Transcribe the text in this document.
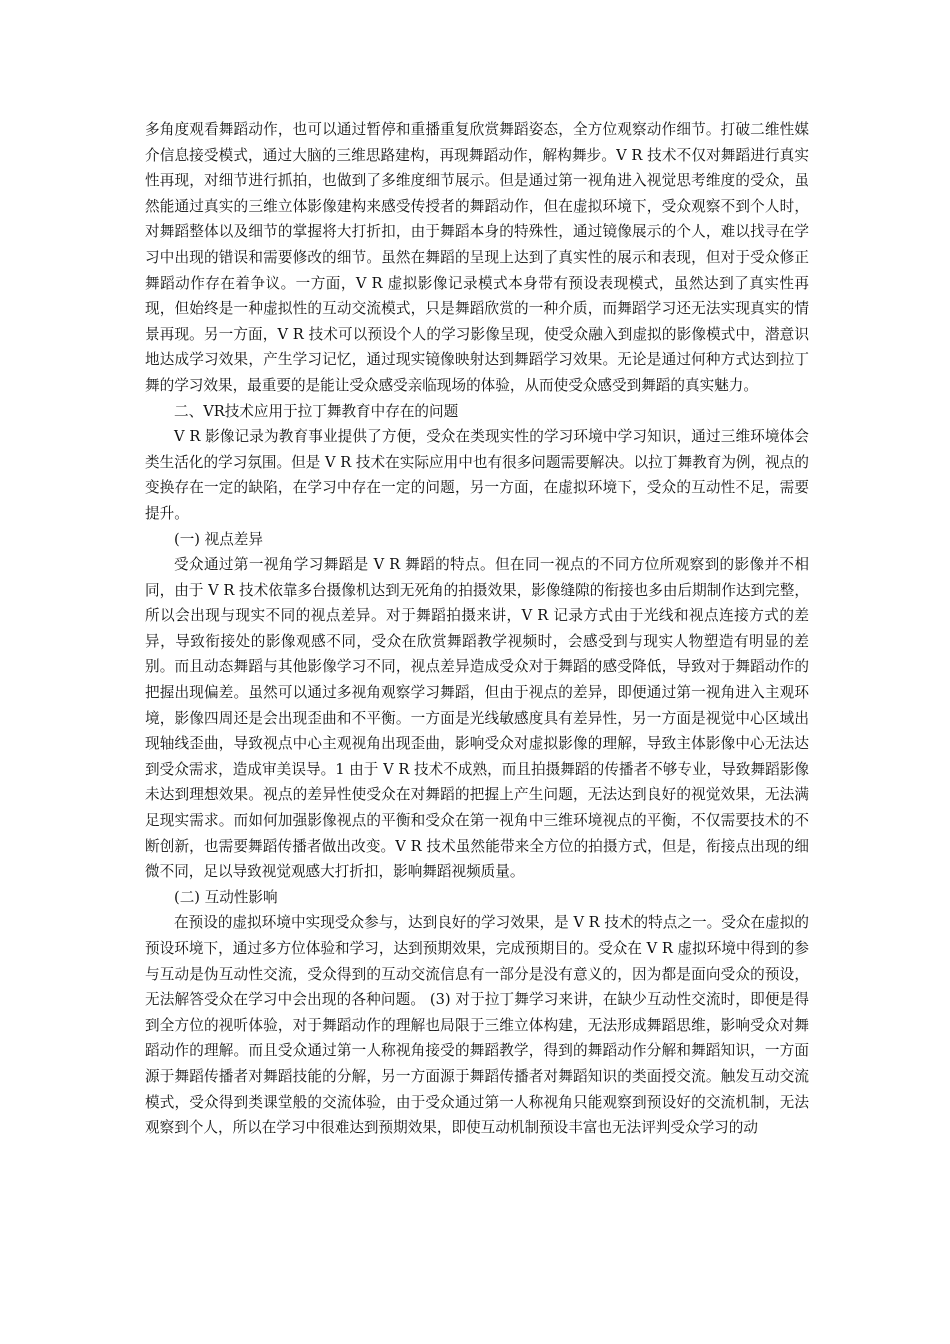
多角度观看舞蹈动作，也可以通过暂停和重播重复欣赏舞蹈姿态，全方位观察动作细节。打破二维性媒介信息接受模式，通过大脑的三维思路建构，再现舞蹈动作，解构舞步。V R 技术不仅对舞蹈进行真实性再现，对细节进行抓拍，也做到了多维度细节展示。但是通过第一视角进入视觉思考维度的受众，虽然能通过真实的三维立体影像建构来感受传授者的舞蹈动作，但在虚拟环境下，受众观察不到个人时，对舞蹈整体以及细节的掌握将大打折扣，由于舞蹈本身的特殊性，通过镜像展示的个人，难以找寻在学习中出现的错误和需要修改的细节。虽然在舞蹈的呈现上达到了真实性的展示和表现，但对于受众修正舞蹈动作存在着争议。一方面，V R 虚拟影像记录模式本身带有预设表现模式，虽然达到了真实性再现，但始终是一种虚拟性的互动交流模式，只是舞蹈欣赏的一种介质，而舞蹈学习还无法实现真实的情景再现。另一方面，V R 技术可以预设个人的学习影像呈现，使受众融入到虚拟的影像模式中，潜意识地达成学习效果，产生学习记忆，通过现实镜像映射达到舞蹈学习效果。无论是通过何种方式达到拉丁舞的学习效果，最重要的是能让受众感受亲临现场的体验，从而使受众感受到舞蹈的真实魅力。

二、VR技术应用于拉丁舞教育中存在的问题

V R 影像记录为教育事业提供了方便，受众在类现实性的学习环境中学习知识，通过三维环境体会类生活化的学习氛围。但是 V R 技术在实际应用中也有很多问题需要解决。以拉丁舞教育为例，视点的变换存在一定的缺陷，在学习中存在一定的问题，另一方面，在虚拟环境下，受众的互动性不足，需要提升。

(一) 视点差异

受众通过第一视角学习舞蹈是 V R 舞蹈的特点。但在同一视点的不同方位所观察到的影像并不相同，由于 V R 技术依靠多台摄像机达到无死角的拍摄效果，影像缝隙的衔接也多由后期制作达到完整，所以会出现与现实不同的视点差异。对于舞蹈拍摄来讲，V R 记录方式由于光线和视点连接方式的差异，导致衔接处的影像观感不同，受众在欣赏舞蹈教学视频时，会感受到与现实人物塑造有明显的差别。而且动态舞蹈与其他影像学习不同，视点差异造成受众对于舞蹈的感受降低，导致对于舞蹈动作的把握出现偏差。虽然可以通过多视角观察学习舞蹈，但由于视点的差异，即便通过第一视角进入主观环境，影像四周还是会出现歪曲和不平衡。一方面是光线敏感度具有差异性，另一方面是视觉中心区域出现轴线歪曲，导致视点中心主观视角出现歪曲，影响受众对虚拟影像的理解，导致主体影像中心无法达到受众需求，造成审美误导。1 由于 V R 技术不成熟，而且拍摄舞蹈的传播者不够专业，导致舞蹈影像未达到理想效果。视点的差异性使受众在对舞蹈的把握上产生问题，无法达到良好的视觉效果，无法满足现实需求。而如何加强影像视点的平衡和受众在第一视角中三维环境视点的平衡，不仅需要技术的不断创新，也需要舞蹈传播者做出改变。V R 技术虽然能带来全方位的拍摄方式，但是，衔接点出现的细微不同，足以导致视觉观感大打折扣，影响舞蹈视频质量。

(二) 互动性影响

在预设的虚拟环境中实现受众参与，达到良好的学习效果，是 V R 技术的特点之一。受众在虚拟的预设环境下，通过多方位体验和学习，达到预期效果，完成预期目的。受众在 V R 虚拟环境中得到的参与互动是伪互动性交流，受众得到的互动交流信息有一部分是没有意义的，因为都是面向受众的预设，无法解答受众在学习中会出现的各种问题。 (3) 对于拉丁舞学习来讲，在缺少互动性交流时，即便是得到全方位的视听体验，对于舞蹈动作的理解也局限于三维立体构建，无法形成舞蹈思维，影响受众对舞蹈动作的理解。而且受众通过第一人称视角接受的舞蹈教学，得到的舞蹈动作分解和舞蹈知识，一方面源于舞蹈传播者对舞蹈技能的分解，另一方面源于舞蹈传播者对舞蹈知识的类面授交流。触发互动交流模式，受众得到类课堂般的交流体验，由于受众通过第一人称视角只能观察到预设好的交流机制，无法观察到个人，所以在学习中很难达到预期效果，即使互动机制预设丰富也无法评判受众学习的动
